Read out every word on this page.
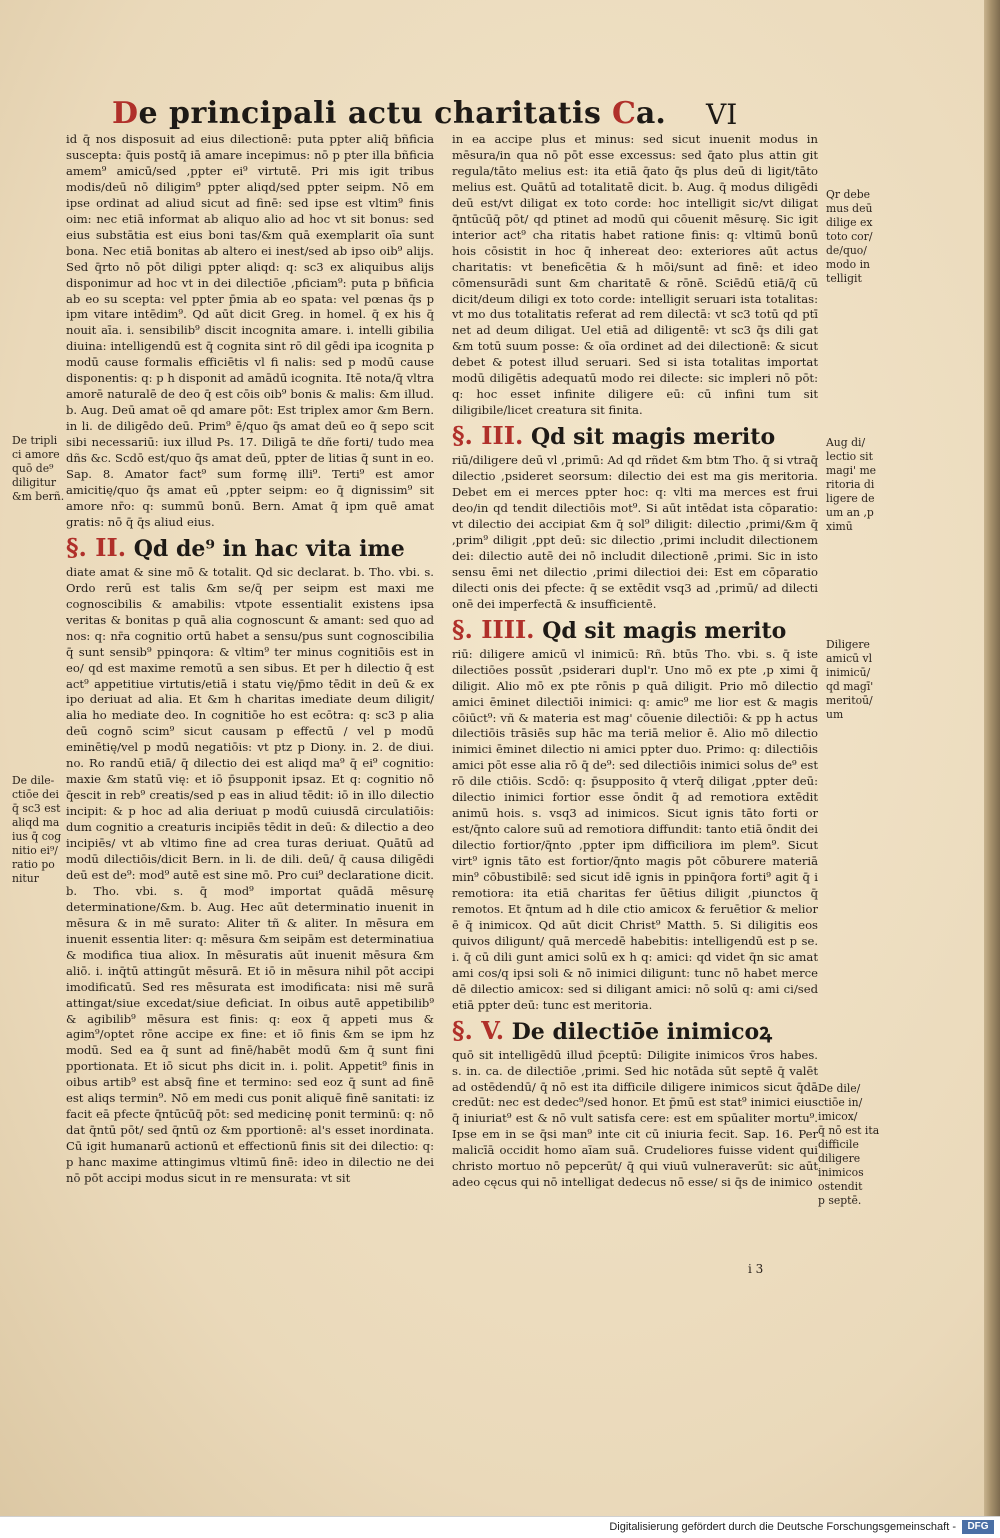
De principali actu charitatis Ca. VI

id q̄ nos disposuit ad eius dilectionē: puta ppter aliq̄ bñficia suscepta: q̄uis postq̄ iā amare incepimus: nō p pter illa bñficia amem⁹ amicū/sed ,ppter ei⁹ virtutē. Pri mis igit tribus modis/deū nō diligim⁹ ppter aliqd/sed ppter seipm. Nō em ipse ordinat ad aliud sicut ad finē: sed ipse est vltim⁹ finis oim: nec etiā informat ab aliquo alio ad hoc vt sit bonus: sed eius substātia est eius boni tas/&m quā exemplarit oīa sunt bona. Nec etiā bonitas ab altero ei inest/sed ab ipso oib⁹ alijs. Sed q̄rto nō pōt diligi ppter aliqd: q: sc3 ex aliquibus alijs disponimur ad hoc vt in dei dilectiōe ,pficiam⁹: puta p bñficia ab eo su scepta: vel ppter p̄mia ab eo spata: vel pœnas q̄s p ipm vitare intēdim⁹. Qd aūt dicit Greg. in homel. q̄ ex his q̄ nouit aīa. i. sensibilib⁹ discit incognita amare. i. intelli gibilia diuina: intelligendū est q̄ cognita sint rō dil gēdi ipa icognita p modū cause formalis efficiētis vl fi nalis: sed p modū cause disponentis: q: p h disponit ad amādū icognita. Itē nota/q̄ vltra amorē naturalē de deo q̄ est cōis oib⁹ bonis & malis: &m illud. b. Aug. Deū amat oē qd amare pōt: Est triplex amor &m Bern. in li. de diligēdo deū. Prim⁹ ē/quo q̄s amat deū eo q̄ sepo scit sibi necessariū: iux illud Ps. 17. Diligā te dñe forti/ tudo mea dñs &c. Scdō est/quo q̄s amat deū, ppter de litias q̄ sunt in eo. Sap. 8. Amator fact⁹ sum formę illi⁹. Terti⁹ est amor amicitię/quo q̄s amat eū ,ppter seipm: eo q̄ dignissim⁹ sit amore nr̄o: q: summū bonū. Bern. Amat q̄ ipm quē amat gratis: nō q̄ q̄s aliud eius.

§. II. Qd de⁹ in hac vita ime

diate amat & sine mō & totalit. Qd sic declarat. b. Tho. vbi. s. Ordo rerū est talis &m se/q̄ per seipm est maxi me cognoscibilis & amabilis: vtpote essentialit existens ipsa veritas & bonitas p quā alia cognoscunt & amant: sed quo ad nos: q: nr̄a cognitio ortū habet a sensu/pus sunt cognoscibilia q̄ sunt sensib⁹ ppinqora: & vltim⁹ ter minus cognitiōis est in eo/ qd est maxime remotū a sen sibus. Et per h dilectio q̄ est act⁹ appetitiue virtutis/etiā i statu vię/p̄mo tēdit in deū & ex ipo deriuat ad alia. Et &m h charitas imediate deum diligit/ alia ho mediate deo. In cognitiōe ho est ecōtra: q: sc3 p alia deū cognō scim⁹ sicut causam p effectū / vel p modū eminētię/vel p modū negatiōis: vt ptz p Diony. in. 2. de diui. no. Ro randū etiā/ q̄ dilectio dei est aliqd ma⁹ q̄ ei⁹ cognitio: maxie &m statū vię: et iō p̄supponit ipsaz. Et q: cognitio nō q̄escit in reb⁹ creatis/sed p eas in aliud tēdit: iō in illo dilectio incipit: & p hoc ad alia deriuat p modū cuiusdā circulatiōis: dum cognitio a creaturis incipiēs tēdit in deū: & dilectio a deo incipiēs/ vt ab vltimo fine ad crea turas deriuat. Quātū ad modū dilectiōis/dicit Bern. in li. de dili. deū/ q̄ causa diligēdi deū est de⁹: mod⁹ autē est sine mō. Pro cui⁹ declaratione dicit. b. Tho. vbi. s. q̄ mod⁹ importat quādā mēsurę determinatione/&m. b. Aug. Hec aūt determinatio inuenit in mēsura & in mē surato: Aliter tñ & aliter. In mēsura em inuenit essentia liter: q: mēsura &m seipām est determinatiua & modifica tiua aliox. In mēsuratis aūt inuenit mēsura &m aliō. i. inq̄tū attingūt mēsurā. Et iō in mēsura nihil pōt accipi imodificatū. Sed res mēsurata est imodificata: nisi mē surā attingat/siue excedat/siue deficiat. In oibus autē appetibilib⁹ & agibilib⁹ mēsura est finis: q: eox q̄ appeti mus & agim⁹/optet rōne accipe ex fine: et iō finis &m se ipm hz modū. Sed ea q̄ sunt ad finē/habēt modū &m q̄ sunt fini pportionata. Et iō sicut phs dicit in. i. polit. Appetit⁹ finis in oibus artib⁹ est absq̄ fine et termino: sed eoz q̄ sunt ad finē est aliqs termin⁹. Nō em medi cus ponit aliquē finē sanitati: iz facit eā pfecte q̄ntūcūq̄ pōt: sed medicinę ponit terminū: q: nō dat q̄ntū pōt/ sed q̄ntū oz &m pportionē: al's esset inordinata. Cū igit humanarū actionū et effectionū finis sit dei dilectio: q: p hanc maxime attingimus vltimū finē: ideo in dilectio ne dei nō pōt accipi modus sicut in re mensurata: vt sit

in ea accipe plus et minus: sed sicut inuenit modus in mēsura/in qua nō pōt esse excessus: sed q̄ato plus attin git regula/tāto melius est: ita etiā q̄ato q̄s plus deū di ligit/tāto melius est. Quātū ad totalitatē dicit. b. Aug. q̄ modus diligēdi deū est/vt diligat ex toto corde: hoc intelligit sic/vt diligat q̄ntūcūq̄ pōt/ qd ptinet ad modū qui cōuenit mēsurę. Sic igit interior act⁹ cha ritatis habet ratione finis: q: vltimū bonū hois cōsistit in hoc q̄ inhereat deo: exteriores aūt actus charitatis: vt beneficētia & h mōi/sunt ad finē: et ideo cōmensurādi sunt &m charitatē & rōnē. Sciēdū etiā/q̄ cū dicit/deum diligi ex toto corde: intelligit seruari ista totalitas: vt mo dus totalitatis referat ad rem dilectā: vt sc3 totū qd ptī net ad deum diligat. Uel etiā ad diligentē: vt sc3 q̄s dili gat &m totū suum posse: & oīa ordinet ad dei dilectionē: & sicut debet & potest illud seruari. Sed si ista totalitas importat modū diligētis adequatū modo rei dilecte: sic impleri nō pōt: q: hoc esset infinite diligere eū: cū infini tum sit diligibile/licet creatura sit finita.

§. III. Qd sit magis merito

riū/diligere deū vl ,primū: Ad qd rñdet &m btm Tho. q̄ si vtraq̄ dilectio ,psideret seorsum: dilectio dei est ma gis meritoria. Debet em ei merces ppter hoc: q: vlti ma merces est frui deo/in qd tendit dilectiōis mot⁹. Si aūt intēdat ista cōparatio: vt dilectio dei accipiat &m q̄ sol⁹ diligit: dilectio ,primi/&m q̄ ,prim⁹ diligit ,ppt deū: sic dilectio ,primi includit dilectionem dei: dilectio autē dei nō includit dilectionē ,primi. Sic in isto sensu ēmi net dilectio ,primi dilectioi dei: Est em cōparatio dilecti onis dei pfecte: q̄ se extēdit vsq3 ad ,primū/ ad dilecti onē dei imperfectā & insufficientē.

§. IIII. Qd sit magis merito

riū: diligere amicū vl inimicū: Rñ. btūs Tho. vbi. s. q̄ iste dilectiōes possūt ,psiderari dupl'r. Uno mō ex pte ,p ximi q̄ diligit. Alio mō ex pte rōnis p quā diligit. Prio mō dilectio amici ēminet dilectiōi inimici: q: amic⁹ me lior est & magis cōiūct⁹: vñ & materia est mag' cōuenie dilectiōi: & pp h actus dilectiōis trāsiēs sup hāc ma teriā melior ē. Alio mō dilectio inimici ēminet dilectio ni amici ppter duo. Primo: q: dilectiōis amici pōt esse alia rō q̄ de⁹: sed dilectiōis inimici solus de⁹ est rō dile ctiōis. Scdō: q: p̄supposito q̄ vterq̄ diligat ,ppter deū: dilectio inimici fortior esse ōndit q̄ ad remotiora extēdit animū hois. s. vsq3 ad inimicos. Sicut ignis tāto forti or est/q̄nto calore suū ad remotiora diffundit: tanto etiā ōndit dei dilectio fortior/q̄nto ,ppter ipm difficiliora im plem⁹. Sicut virt⁹ ignis tāto est fortior/q̄nto magis pōt cōburere materiā min⁹ cōbustibilē: sed sicut idē ignis in ppinq̄ora forti⁹ agit q̄ i remotiora: ita etiā charitas fer ūētius diligit ,piunctos q̄ remotos. Et q̄ntum ad h dile ctio amicox & feruētior & melior ē q̄ inimicox. Qd aūt dicit Christ⁹ Matth. 5. Si diligitis eos quivos diligunt/ quā mercedē habebitis: intelligendū est p se. i. q̄ cū dili gunt amici solū ex h q: amici: qd videt q̄n sic amat ami cos/q ipsi soli & nō inimici diligunt: tunc nō habet merce dē dilectio amicox: sed si diligant amici: nō solū q: ami ci/sed etiā ppter deū: tunc est meritoria.

§. V. De dilectiōe inimicoꝝ

quō sit intelligēdū illud p̄ceptū: Diligite inimicos v̄ros habes. s. in. ca. de dilectiōe ,primi. Sed hic notāda sūt septē q̄ valēt ad ostēdendū/ q̄ nō est ita difficile diligere inimicos sicut q̄dā credūt: nec est dedec⁹/sed honor. Et p̄mū est stat⁹ inimici eius q̄ iniuriat⁹ est & nō vult satisfa cere: est em spūaliter mortu⁹. Ipse em in se q̄si man⁹ inte cit cū iniuria fecit. Sap. 16. Per malicīā occidit homo aīam suā. Crudeliores fuisse vident qui christo mortuo nō pepcerūt/ q̄ qui viuū vulneraverūt: sic aūt adeo cęcus qui nō intelligat dedecus nō esse/ si q̄s de inimico

De tripli
ci amore
quō de⁹
diligitur
&m berñ.
De dile-
ctiōe dei
q̄ sc3 est
aliqd ma
ius q̄ cog
nitio ei⁹/
ratio po
nitur
Qr debe
mus deū
dilige ex
toto cor/
de/quo/
modo in
telligit
Aug di/
lectio sit
magi' me
ritoria di
ligere de
um an ,p
ximū
Diligere
amicū vl
inimicū/
qd magī'
meritoū/
um
De dile/
ctiōe in/
imicox/
q̄ nō est ita
difficile
diligere
inimicos
ostendit
p septē.
i 3
Digitalisierung gefördert durch die Deutsche Forschungsgemeinschaft -	DFG
